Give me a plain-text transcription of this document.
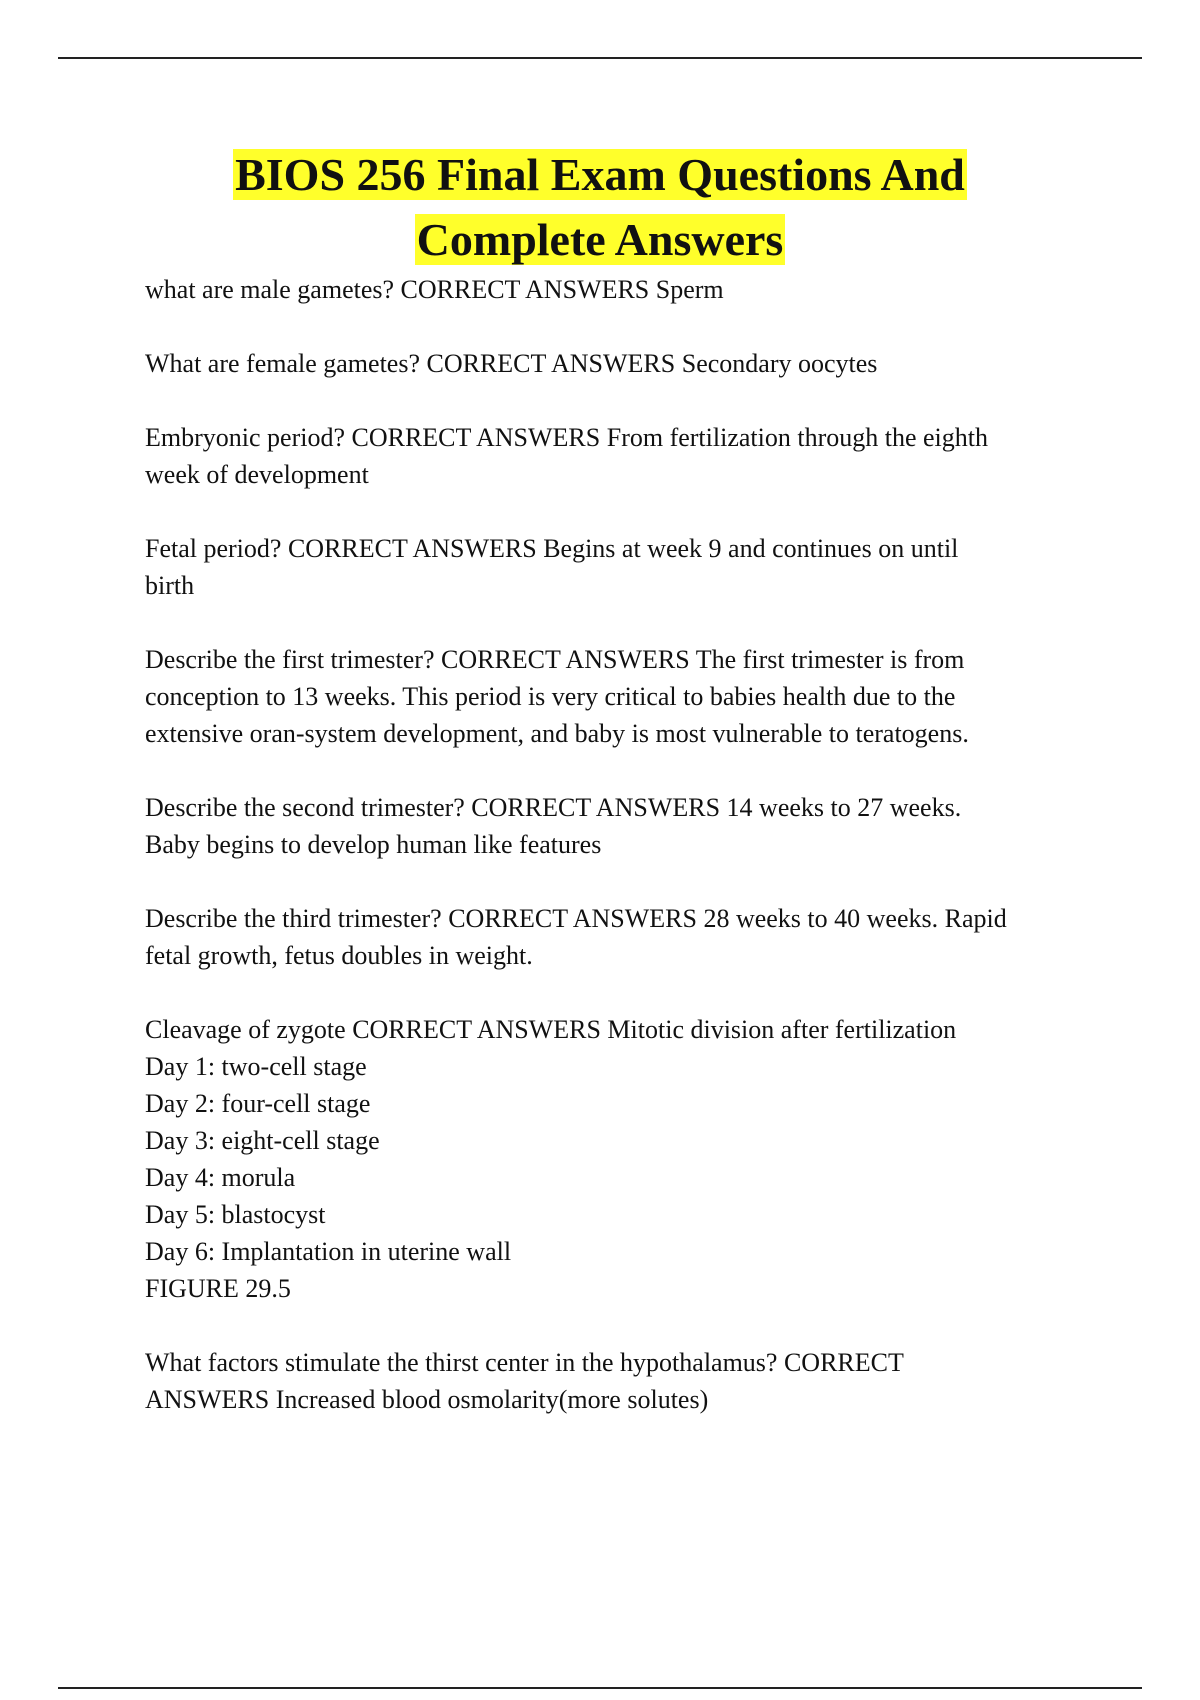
BIOS 256 Final Exam Questions And
Complete Answers

what are male gametes? CORRECT ANSWERS Sperm

What are female gametes? CORRECT ANSWERS Secondary oocytes

Embryonic period? CORRECT ANSWERS From fertilization through the eighth
week of development

Fetal period? CORRECT ANSWERS Begins at week 9 and continues on until
birth

Describe the first trimester? CORRECT ANSWERS The first trimester is from
conception to 13 weeks. This period is very critical to babies health due to the
extensive oran-system development, and baby is most vulnerable to teratogens.

Describe the second trimester? CORRECT ANSWERS 14 weeks to 27 weeks.
Baby begins to develop human like features

Describe the third trimester? CORRECT ANSWERS 28 weeks to 40 weeks. Rapid
fetal growth, fetus doubles in weight.

Cleavage of zygote CORRECT ANSWERS Mitotic division after fertilization
Day 1: two-cell stage
Day 2: four-cell stage
Day 3: eight-cell stage
Day 4: morula
Day 5: blastocyst
Day 6: Implantation in uterine wall
FIGURE 29.5

What factors stimulate the thirst center in the hypothalamus? CORRECT
ANSWERS Increased blood osmolarity(more solutes)
